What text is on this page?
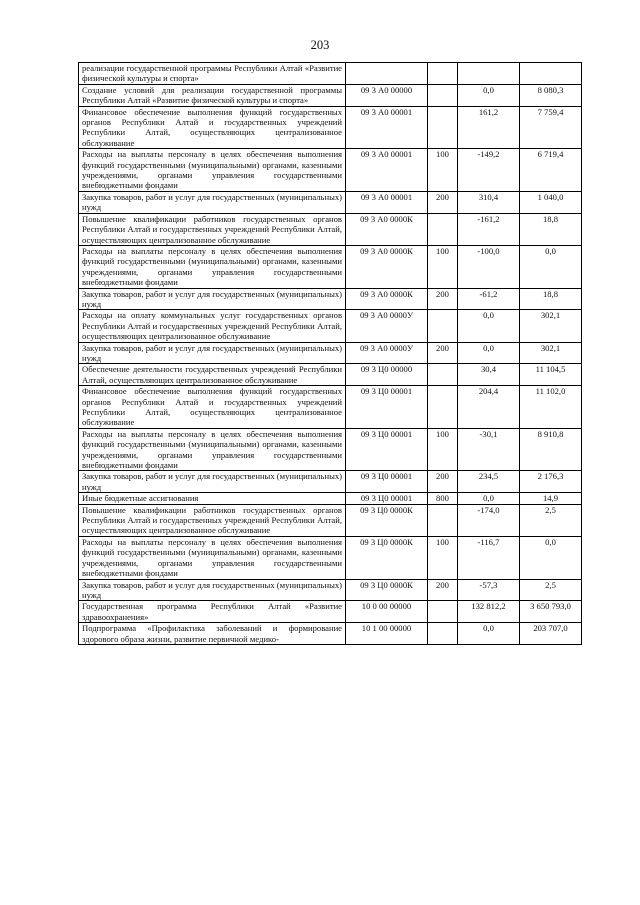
203
реализации государственной программы Республики Алтай «Развитие физической культуры и спорта»				
Создание условий для реализации государственной программы Республики Алтай «Развитие физической культуры и спорта»	09 3 А0 00000		0,0	8 080,3
Финансовое обеспечение выполнения функций государственных органов Республики Алтай и государственных учреждений Республики Алтай, осуществляющих централизованное обслуживание	09 3 А0 00001		161,2	7 759,4
Расходы на выплаты персоналу в целях обеспечения выполнения функций государственными (муниципальными) органами, казенными учреждениями, органами управления государственными внебюджетными фондами	09 3 А0 00001	100	-149,2	6 719,4
Закупка товаров, работ и услуг для государственных (муниципальных) нужд	09 3 А0 00001	200	310,4	1 040,0
Повышение квалификации работников государственных органов Республики Алтай и государственных учреждений Республики Алтай, осуществляющих централизованное обслуживание	09 3 А0 0000К		-161,2	18,8
Расходы на выплаты персоналу в целях обеспечения выполнения функций государственными (муниципальными) органами, казенными учреждениями, органами управления государственными внебюджетными фондами	09 3 А0 0000К	100	-100,0	0,0
Закупка товаров, работ и услуг для государственных (муниципальных) нужд	09 3 А0 0000К	200	-61,2	18,8
Расходы на оплату коммунальных услуг государственных органов Республики Алтай и государственных учреждений Республики Алтай, осуществляющих централизованное обслуживание	09 3 А0 0000У		0,0	302,1
Закупка товаров, работ и услуг для государственных (муниципальных) нужд	09 3 А0 0000У	200	0,0	302,1
Обеспечение деятельности государственных учреждений Республики Алтай, осуществляющих централизованное обслуживание	09 3 Ц0 00000		30,4	11 104,5
Финансовое обеспечение выполнения функций государственных органов Республики Алтай и государственных учреждений Республики Алтай, осуществляющих централизованное обслуживание	09 3 Ц0 00001		204,4	11 102,0
Расходы на выплаты персоналу в целях обеспечения выполнения функций государственными (муниципальными) органами, казенными учреждениями, органами управления государственными внебюджетными фондами	09 3 Ц0 00001	100	-30,1	8 910,8
Закупка товаров, работ и услуг для государственных (муниципальных) нужд	09 3 Ц0 00001	200	234,5	2 176,3
Иные бюджетные ассигнования	09 3 Ц0 00001	800	0,0	14,9
Повышение квалификации работников государственных органов Республики Алтай и государственных учреждений Республики Алтай, осуществляющих централизованное обслуживание	09 3 Ц0 0000К		-174,0	2,5
Расходы на выплаты персоналу в целях обеспечения выполнения функций государственными (муниципальными) органами, казенными учреждениями, органами управления государственными внебюджетными фондами	09 3 Ц0 0000К	100	-116,7	0,0
Закупка товаров, работ и услуг для государственных (муниципальных) нужд	09 3 Ц0 0000К	200	-57,3	2,5
Государственная программа Республики Алтай «Развитие здравоохранения»	10 0 00 00000		132 812,2	3 650 793,0
Подпрограмма «Профилактика заболеваний и формирование здорового образа жизни, развитие первичной медико-	10 1 00 00000		0,0	203 707,0
